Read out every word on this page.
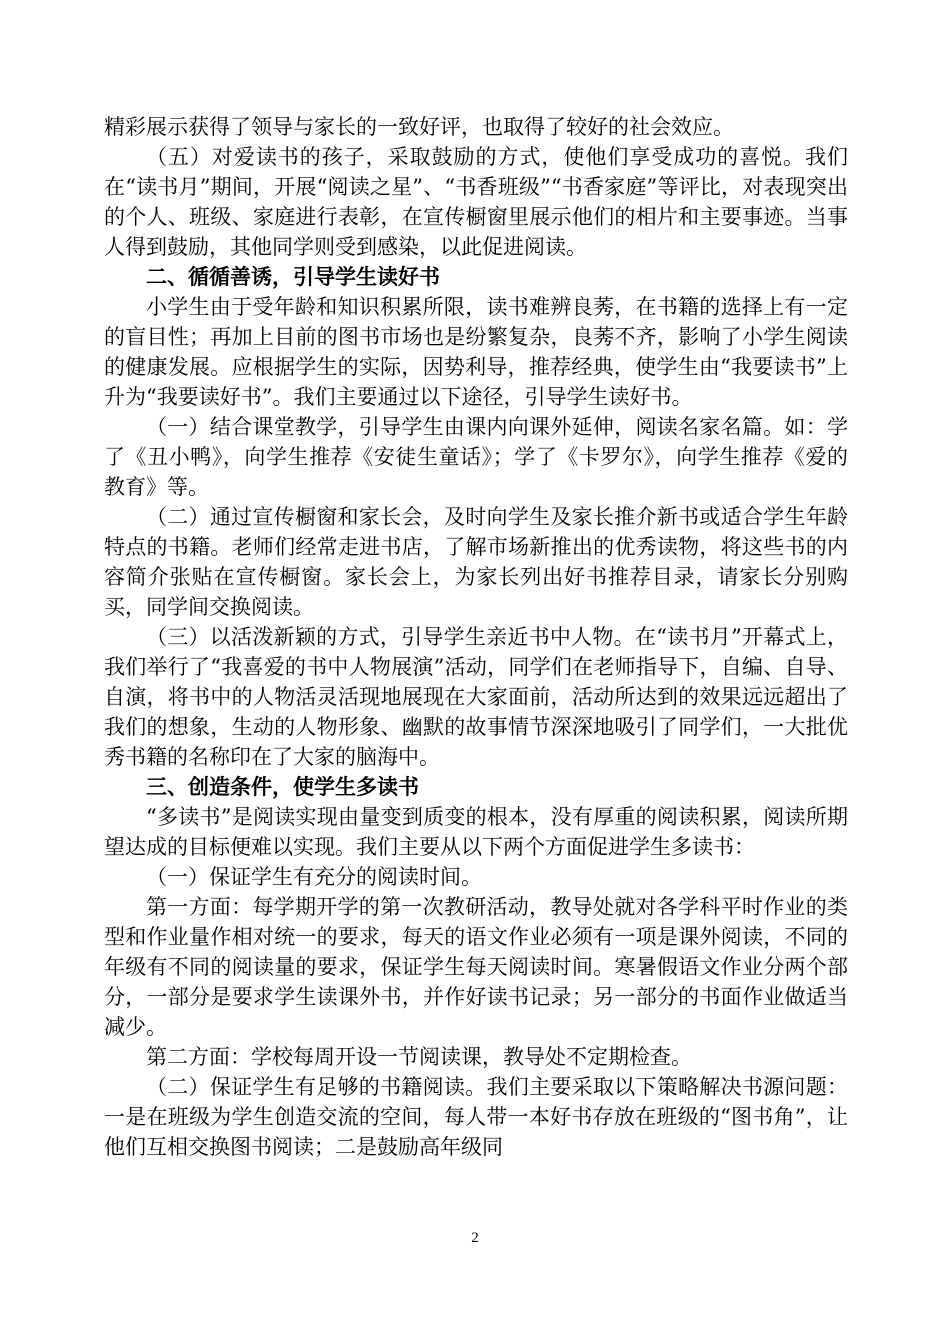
精彩展示获得了领导与家长的一致好评，也取得了较好的社会效应。

（五）对爱读书的孩子，采取鼓励的方式，使他们享受成功的喜悦。我们在“读书月”期间，开展“阅读之星”、“书香班级”“书香家庭”等评比，对表现突出的个人、班级、家庭进行表彰，在宣传橱窗里展示他们的相片和主要事迹。当事人得到鼓励，其他同学则受到感染，以此促进阅读。

二、循循善诱，引导学生读好书

小学生由于受年龄和知识积累所限，读书难辨良莠，在书籍的选择上有一定的盲目性；再加上目前的图书市场也是纷繁复杂，良莠不齐，影响了小学生阅读的健康发展。应根据学生的实际，因势利导，推荐经典，使学生由“我要读书”上升为“我要读好书”。我们主要通过以下途径，引导学生读好书。

（一）结合课堂教学，引导学生由课内向课外延伸，阅读名家名篇。如：学了《丑小鸭》，向学生推荐《安徒生童话》；学了《卡罗尔》，向学生推荐《爱的教育》等。

（二）通过宣传橱窗和家长会，及时向学生及家长推介新书或适合学生年龄特点的书籍。老师们经常走进书店，了解市场新推出的优秀读物，将这些书的内容简介张贴在宣传橱窗。家长会上，为家长列出好书推荐目录，请家长分别购买，同学间交换阅读。

（三）以活泼新颖的方式，引导学生亲近书中人物。在“读书月”开幕式上，我们举行了“我喜爱的书中人物展演”活动，同学们在老师指导下，自编、自导、自演，将书中的人物活灵活现地展现在大家面前，活动所达到的效果远远超出了我们的想象，生动的人物形象、幽默的故事情节深深地吸引了同学们，一大批优秀书籍的名称印在了大家的脑海中。

三、创造条件，使学生多读书

“多读书”是阅读实现由量变到质变的根本，没有厚重的阅读积累，阅读所期望达成的目标便难以实现。我们主要从以下两个方面促进学生多读书：

（一）保证学生有充分的阅读时间。

第一方面：每学期开学的第一次教研活动，教导处就对各学科平时作业的类型和作业量作相对统一的要求，每天的语文作业必须有一项是课外阅读，不同的年级有不同的阅读量的要求，保证学生每天阅读时间。寒暑假语文作业分两个部分，一部分是要求学生读课外书，并作好读书记录；另一部分的书面作业做适当减少。

第二方面：学校每周开设一节阅读课，教导处不定期检查。

（二）保证学生有足够的书籍阅读。我们主要采取以下策略解决书源问题：一是在班级为学生创造交流的空间，每人带一本好书存放在班级的“图书角”，让他们互相交换图书阅读；二是鼓励高年级同

2
